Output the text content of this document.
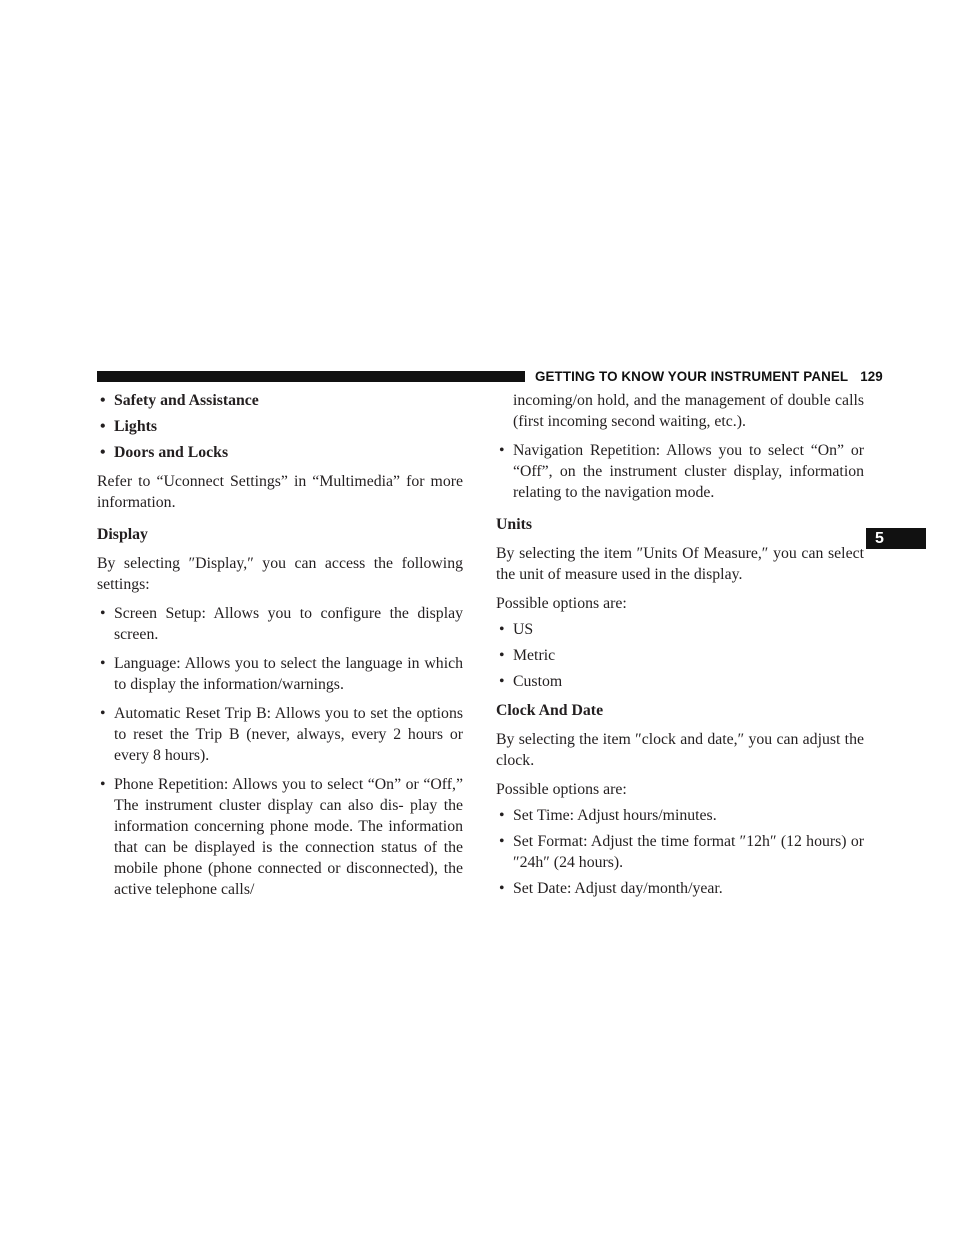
GETTING TO KNOW YOUR INSTRUMENT PANEL 129
5

• Safety and Assistance

• Lights

• Doors and Locks

Refer to “Uconnect Settings” in “Multimedia” for more information.

Display

By selecting ″Display,″ you can access the following settings:

• Screen Setup: Allows you to configure the display screen.

• Language: Allows you to select the language in which to display the information/warnings.

• Automatic Reset Trip B: Allows you to set the options to reset the Trip B (never, always, every 2 hours or every 8 hours).

• Phone Repetition: Allows you to select “On” or “Off,” The instrument cluster display can also dis- play the information concerning phone mode. The information that can be displayed is the connection status of the mobile phone (phone connected or disconnected), the active telephone calls/

incoming/on hold, and the management of double calls (first incoming second waiting, etc.).

• Navigation Repetition: Allows you to select “On” or “Off”, on the instrument cluster display, information relating to the navigation mode.

Units

By selecting the item ″Units Of Measure,″ you can select the unit of measure used in the display.

Possible options are:

• US

• Metric

• Custom

Clock And Date

By selecting the item ″clock and date,″ you can adjust the clock.

Possible options are:

• Set Time: Adjust hours/minutes.

• Set Format: Adjust the time format ″12h″ (12 hours) or ″24h″ (24 hours).

• Set Date: Adjust day/month/year.
